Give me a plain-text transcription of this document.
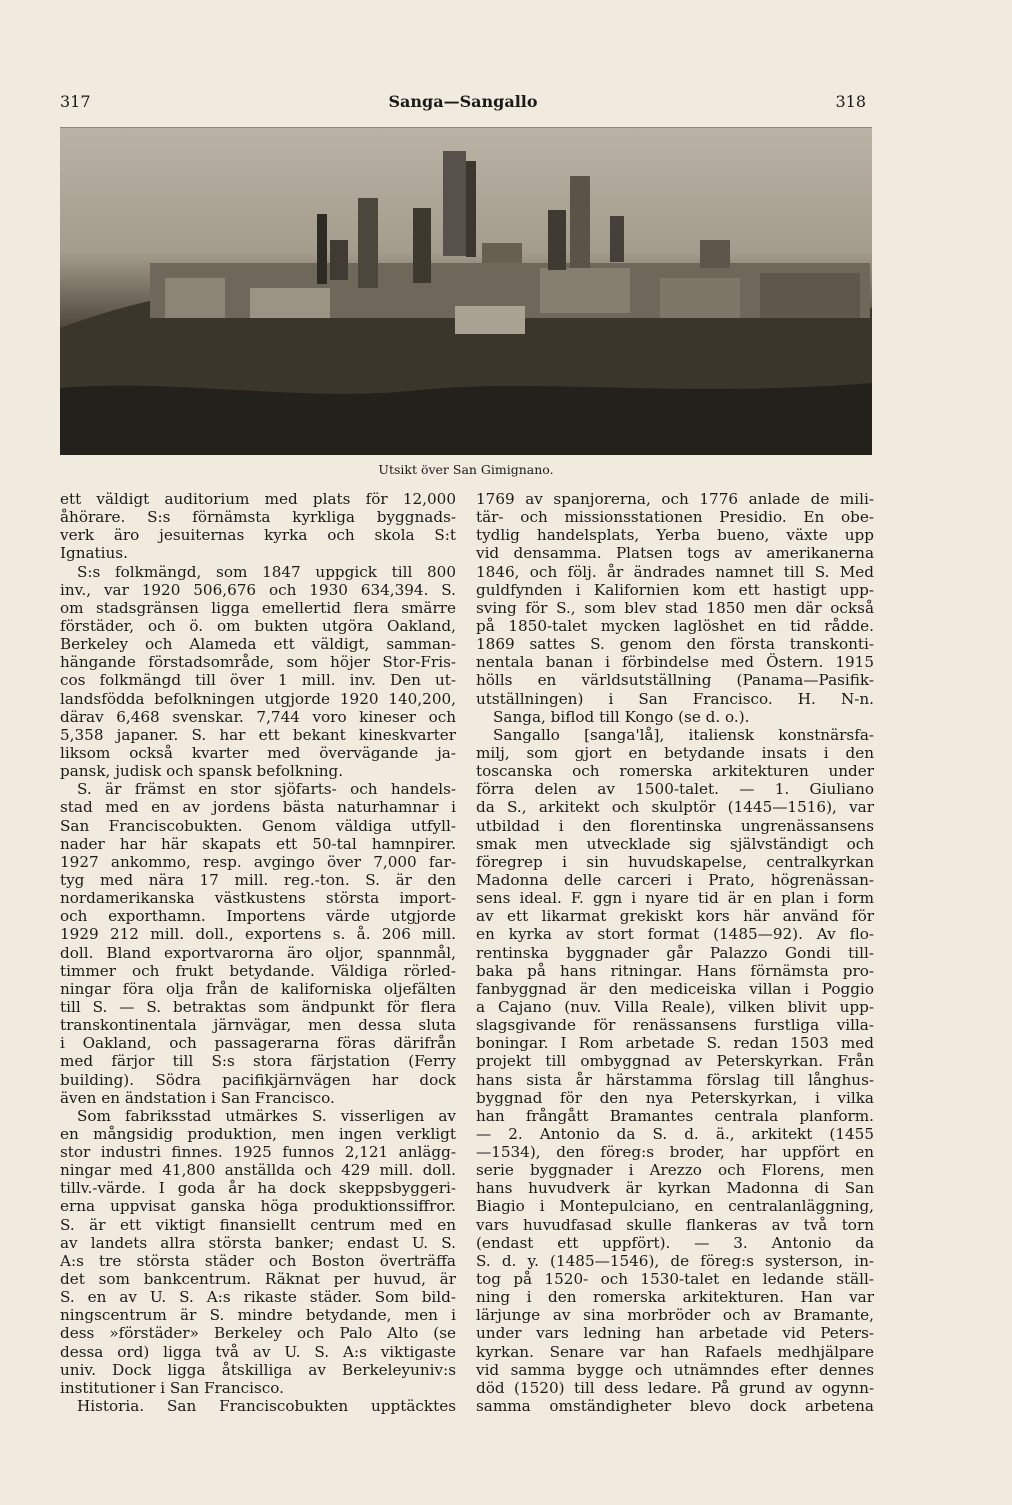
317	Sanga—Sangallo	318
Utsikt över San Gimignano.
ett väldigt auditorium med plats för 12,000
åhörare. S:s förnämsta kyrkliga byggnads-
verk äro jesuiternas kyrka och skola S:t
Ignatius.
S:s folkmängd, som 1847 uppgick till 800
inv., var 1920 506,676 och 1930 634,394. S.
om stadsgränsen ligga emellertid flera smärre
förstäder, och ö. om bukten utgöra Oakland,
Berkeley och Alameda ett väldigt, samman-
hängande förstadsområde, som höjer Stor-Fris-
cos folkmängd till över 1 mill. inv. Den ut-
landsfödda befolkningen utgjorde 1920 140,200,
därav 6,468 svenskar. 7,744 voro kineser och
5,358 japaner. S. har ett bekant kineskvarter
liksom också kvarter med övervägande ja-
pansk, judisk och spansk befolkning.
S. är främst en stor sjöfarts- och handels-
stad med en av jordens bästa naturhamnar i
San Franciscobukten. Genom väldiga utfyll-
nader har här skapats ett 50-tal hamnpirer.
1927 ankommo, resp. avgingo över 7,000 far-
tyg med nära 17 mill. reg.-ton. S. är den
nordamerikanska västkustens största import-
och exporthamn. Importens värde utgjorde
1929 212 mill. doll., exportens s. å. 206 mill.
doll. Bland exportvarorna äro oljor, spannmål,
timmer och frukt betydande. Väldiga rörled-
ningar föra olja från de kaliforniska oljefälten
till S. — S. betraktas som ändpunkt för flera
transkontinentala järnvägar, men dessa sluta
i Oakland, och passagerarna föras därifrån
med färjor till S:s stora färjstation (Ferry
building). Södra pacifikjärnvägen har dock
även en ändstation i San Francisco.
Som fabriksstad utmärkes S. visserligen av
en mångsidig produktion, men ingen verkligt
stor industri finnes. 1925 funnos 2,121 anlägg-
ningar med 41,800 anställda och 429 mill. doll.
tillv.-värde. I goda år ha dock skeppsbyggeri-
erna uppvisat ganska höga produktionssiffror.
S. är ett viktigt finansiellt centrum med en
av landets allra största banker; endast U. S.
A:s tre största städer och Boston överträffa
det som bankcentrum. Räknat per huvud, är
S. en av U. S. A:s rikaste städer. Som bild-
ningscentrum är S. mindre betydande, men i
dess »förstäder» Berkeley och Palo Alto (se
dessa ord) ligga två av U. S. A:s viktigaste
univ. Dock ligga åtskilliga av Berkeleyuniv:s
institutioner i San Francisco.
Historia. San Franciscobukten upptäcktes
1769 av spanjorerna, och 1776 anlade de mili-
tär- och missionsstationen Presidio. En obe-
tydlig handelsplats, Yerba bueno, växte upp
vid densamma. Platsen togs av amerikanerna
1846, och följ. år ändrades namnet till S. Med
guldfynden i Kalifornien kom ett hastigt upp-
sving för S., som blev stad 1850 men där också
på 1850-talet mycken laglöshet en tid rådde.
1869 sattes S. genom den första transkonti-
nentala banan i förbindelse med Östern. 1915
hölls en världsutställning (Panama—Pasifik-
utställningen) i San Francisco. H. N-n.
Sanga, biflod till Kongo (se d. o.).
Sangallo [sanga'lå], italiensk konstnärsfa-
milj, som gjort en betydande insats i den
toscanska och romerska arkitekturen under
förra delen av 1500-talet. — 1. Giuliano
da S., arkitekt och skulptör (1445—1516), var
utbildad i den florentinska ungrenässansens
smak men utvecklade sig självständigt och
föregrep i sin huvudskapelse, centralkyrkan
Madonna delle carceri i Prato, högrenässan-
sens ideal. F. ggn i nyare tid är en plan i form
av ett likarmat grekiskt kors här använd för
en kyrka av stort format (1485—92). Av flo-
rentinska byggnader går Palazzo Gondi till-
baka på hans ritningar. Hans förnämsta pro-
fanbyggnad är den mediceiska villan i Poggio
a Cajano (nuv. Villa Reale), vilken blivit upp-
slagsgivande för renässansens furstliga villa-
boningar. I Rom arbetade S. redan 1503 med
projekt till ombyggnad av Peterskyrkan. Från
hans sista år härstamma förslag till långhus-
byggnad för den nya Peterskyrkan, i vilka
han frångått Bramantes centrala planform.
— 2. Antonio da S. d. ä., arkitekt (1455
—1534), den föreg:s broder, har uppfört en
serie byggnader i Arezzo och Florens, men
hans huvudverk är kyrkan Madonna di San
Biagio i Montepulciano, en centralanläggning,
vars huvudfasad skulle flankeras av två torn
(endast ett uppfört). — 3. Antonio da
S. d. y. (1485—1546), de föreg:s systerson, in-
tog på 1520- och 1530-talet en ledande ställ-
ning i den romerska arkitekturen. Han var
lärjunge av sina morbröder och av Bramante,
under vars ledning han arbetade vid Peters-
kyrkan. Senare var han Rafaels medhjälpare
vid samma bygge och utnämndes efter dennes
död (1520) till dess ledare. På grund av ogynn-
samma omständigheter blevo dock arbetena
